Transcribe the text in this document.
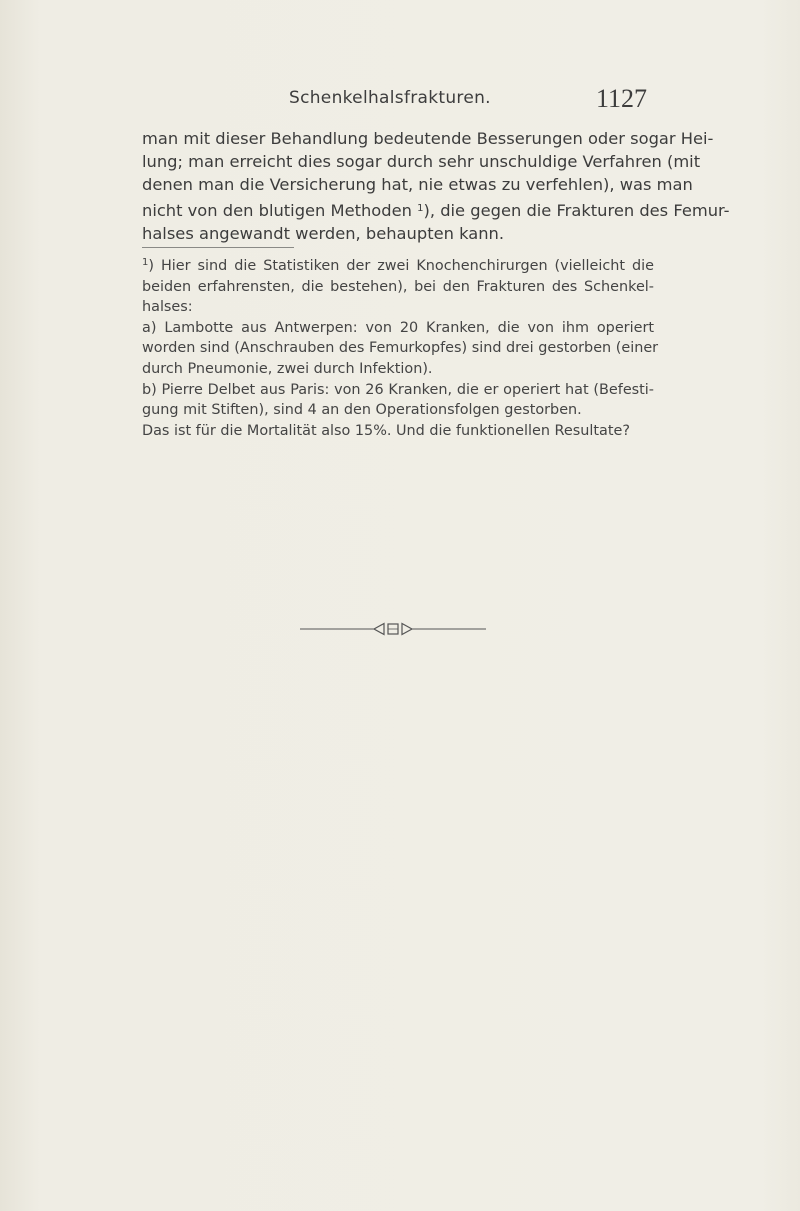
Schenkelhalsfrakturen.	1127
man mit dieser Behandlung bedeutende Besserungen oder sogar Hei-
lung; man erreicht dies sogar durch sehr unschuldige Verfahren (mit
denen man die Versicherung hat, nie etwas zu verfehlen), was man
nicht von den blutigen Methoden $^1$), die gegen die Frakturen des Femur-
halses angewandt werden, behaupten kann.
$^1$) Hier sind die Statistiken der zwei Knochenchirurgen (vielleicht die
beiden erfahrensten, die bestehen), bei den Frakturen des Schenkel-
halses:
a) Lambotte aus Antwerpen: von 20 Kranken, die von ihm operiert
worden sind (Anschrauben des Femurkopfes) sind drei gestorben (einer
durch Pneumonie, zwei durch Infektion).
b) Pierre Delbet aus Paris: von 26 Kranken, die er operiert hat (Befesti-
gung mit Stiften), sind 4 an den Operationsfolgen gestorben.
Das ist für die Mortalität also 15%. Und die funktionellen Resultate?
